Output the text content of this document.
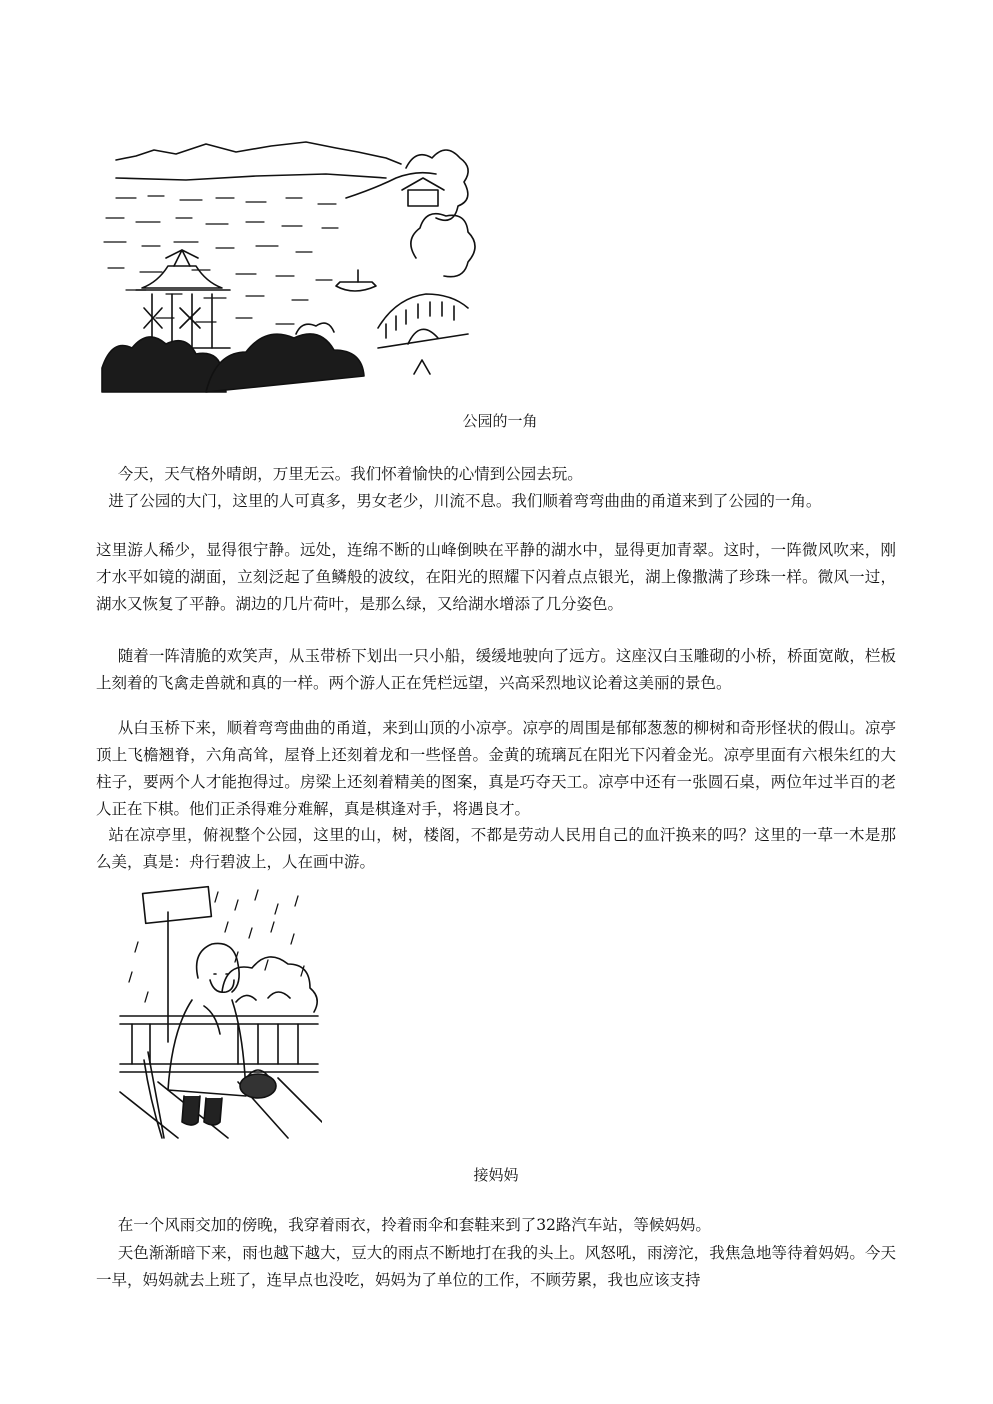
公园的一角

今天，天气格外晴朗，万里无云。我们怀着愉快的心情到公园去玩。

进了公园的大门，这里的人可真多，男女老少，川流不息。我们顺着弯弯曲曲的甬道来到了公园的一角。

这里游人稀少，显得很宁静。远处，连绵不断的山峰倒映在平静的湖水中，显得更加青翠。这时，一阵微风吹来，刚才水平如镜的湖面，立刻泛起了鱼鳞般的波纹，在阳光的照耀下闪着点点银光，湖上像撒满了珍珠一样。微风一过，湖水又恢复了平静。湖边的几片荷叶，是那么绿，又给湖水增添了几分姿色。

随着一阵清脆的欢笑声，从玉带桥下划出一只小船，缓缓地驶向了远方。这座汉白玉雕砌的小桥，桥面宽敞，栏板上刻着的飞禽走兽就和真的一样。两个游人正在凭栏远望，兴高采烈地议论着这美丽的景色。

从白玉桥下来，顺着弯弯曲曲的甬道，来到山顶的小凉亭。凉亭的周围是郁郁葱葱的柳树和奇形怪状的假山。凉亭顶上飞檐翘脊，六角高耸，屋脊上还刻着龙和一些怪兽。金黄的琉璃瓦在阳光下闪着金光。凉亭里面有六根朱红的大柱子，要两个人才能抱得过。房梁上还刻着精美的图案，真是巧夺天工。凉亭中还有一张圆石桌，两位年过半百的老人正在下棋。他们正杀得难分难解，真是棋逢对手，将遇良才。

站在凉亭里，俯视整个公园，这里的山，树，楼阁，不都是劳动人民用自己的血汗换来的吗？这里的一草一木是那么美，真是：舟行碧波上，人在画中游。

接妈妈

在一个风雨交加的傍晚，我穿着雨衣，拎着雨伞和套鞋来到了32路汽车站，等候妈妈。

天色渐渐暗下来，雨也越下越大，豆大的雨点不断地打在我的头上。风怒吼，雨滂沱，我焦急地等待着妈妈。今天一早，妈妈就去上班了，连早点也没吃，妈妈为了单位的工作，不顾劳累，我也应该支持
